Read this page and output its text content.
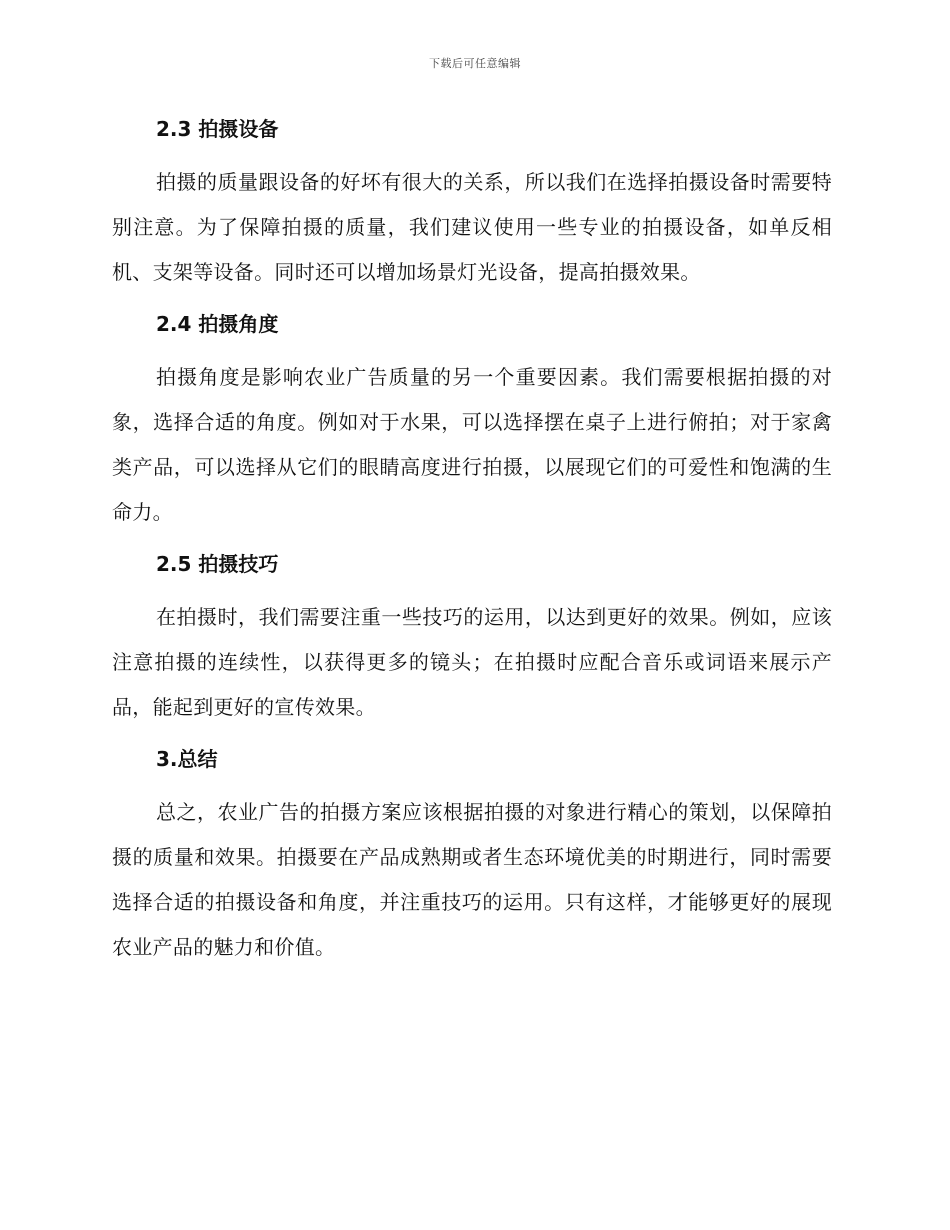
下载后可任意编辑
2.3 拍摄设备

拍摄的质量跟设备的好坏有很大的关系，所以我们在选择拍摄设备时需要特别注意。为了保障拍摄的质量，我们建议使用一些专业的拍摄设备，如单反相机、支架等设备。同时还可以增加场景灯光设备，提高拍摄效果。

2.4 拍摄角度

拍摄角度是影响农业广告质量的另一个重要因素。我们需要根据拍摄的对象，选择合适的角度。例如对于水果，可以选择摆在桌子上进行俯拍；对于家禽类产品，可以选择从它们的眼睛高度进行拍摄，以展现它们的可爱性和饱满的生命力。

2.5 拍摄技巧

在拍摄时，我们需要注重一些技巧的运用，以达到更好的效果。例如，应该注意拍摄的连续性，以获得更多的镜头；在拍摄时应配合音乐或词语来展示产品，能起到更好的宣传效果。

3.总结

总之，农业广告的拍摄方案应该根据拍摄的对象进行精心的策划，以保障拍摄的质量和效果。拍摄要在产品成熟期或者生态环境优美的时期进行，同时需要选择合适的拍摄设备和角度，并注重技巧的运用。只有这样，才能够更好的展现农业产品的魅力和价值。
